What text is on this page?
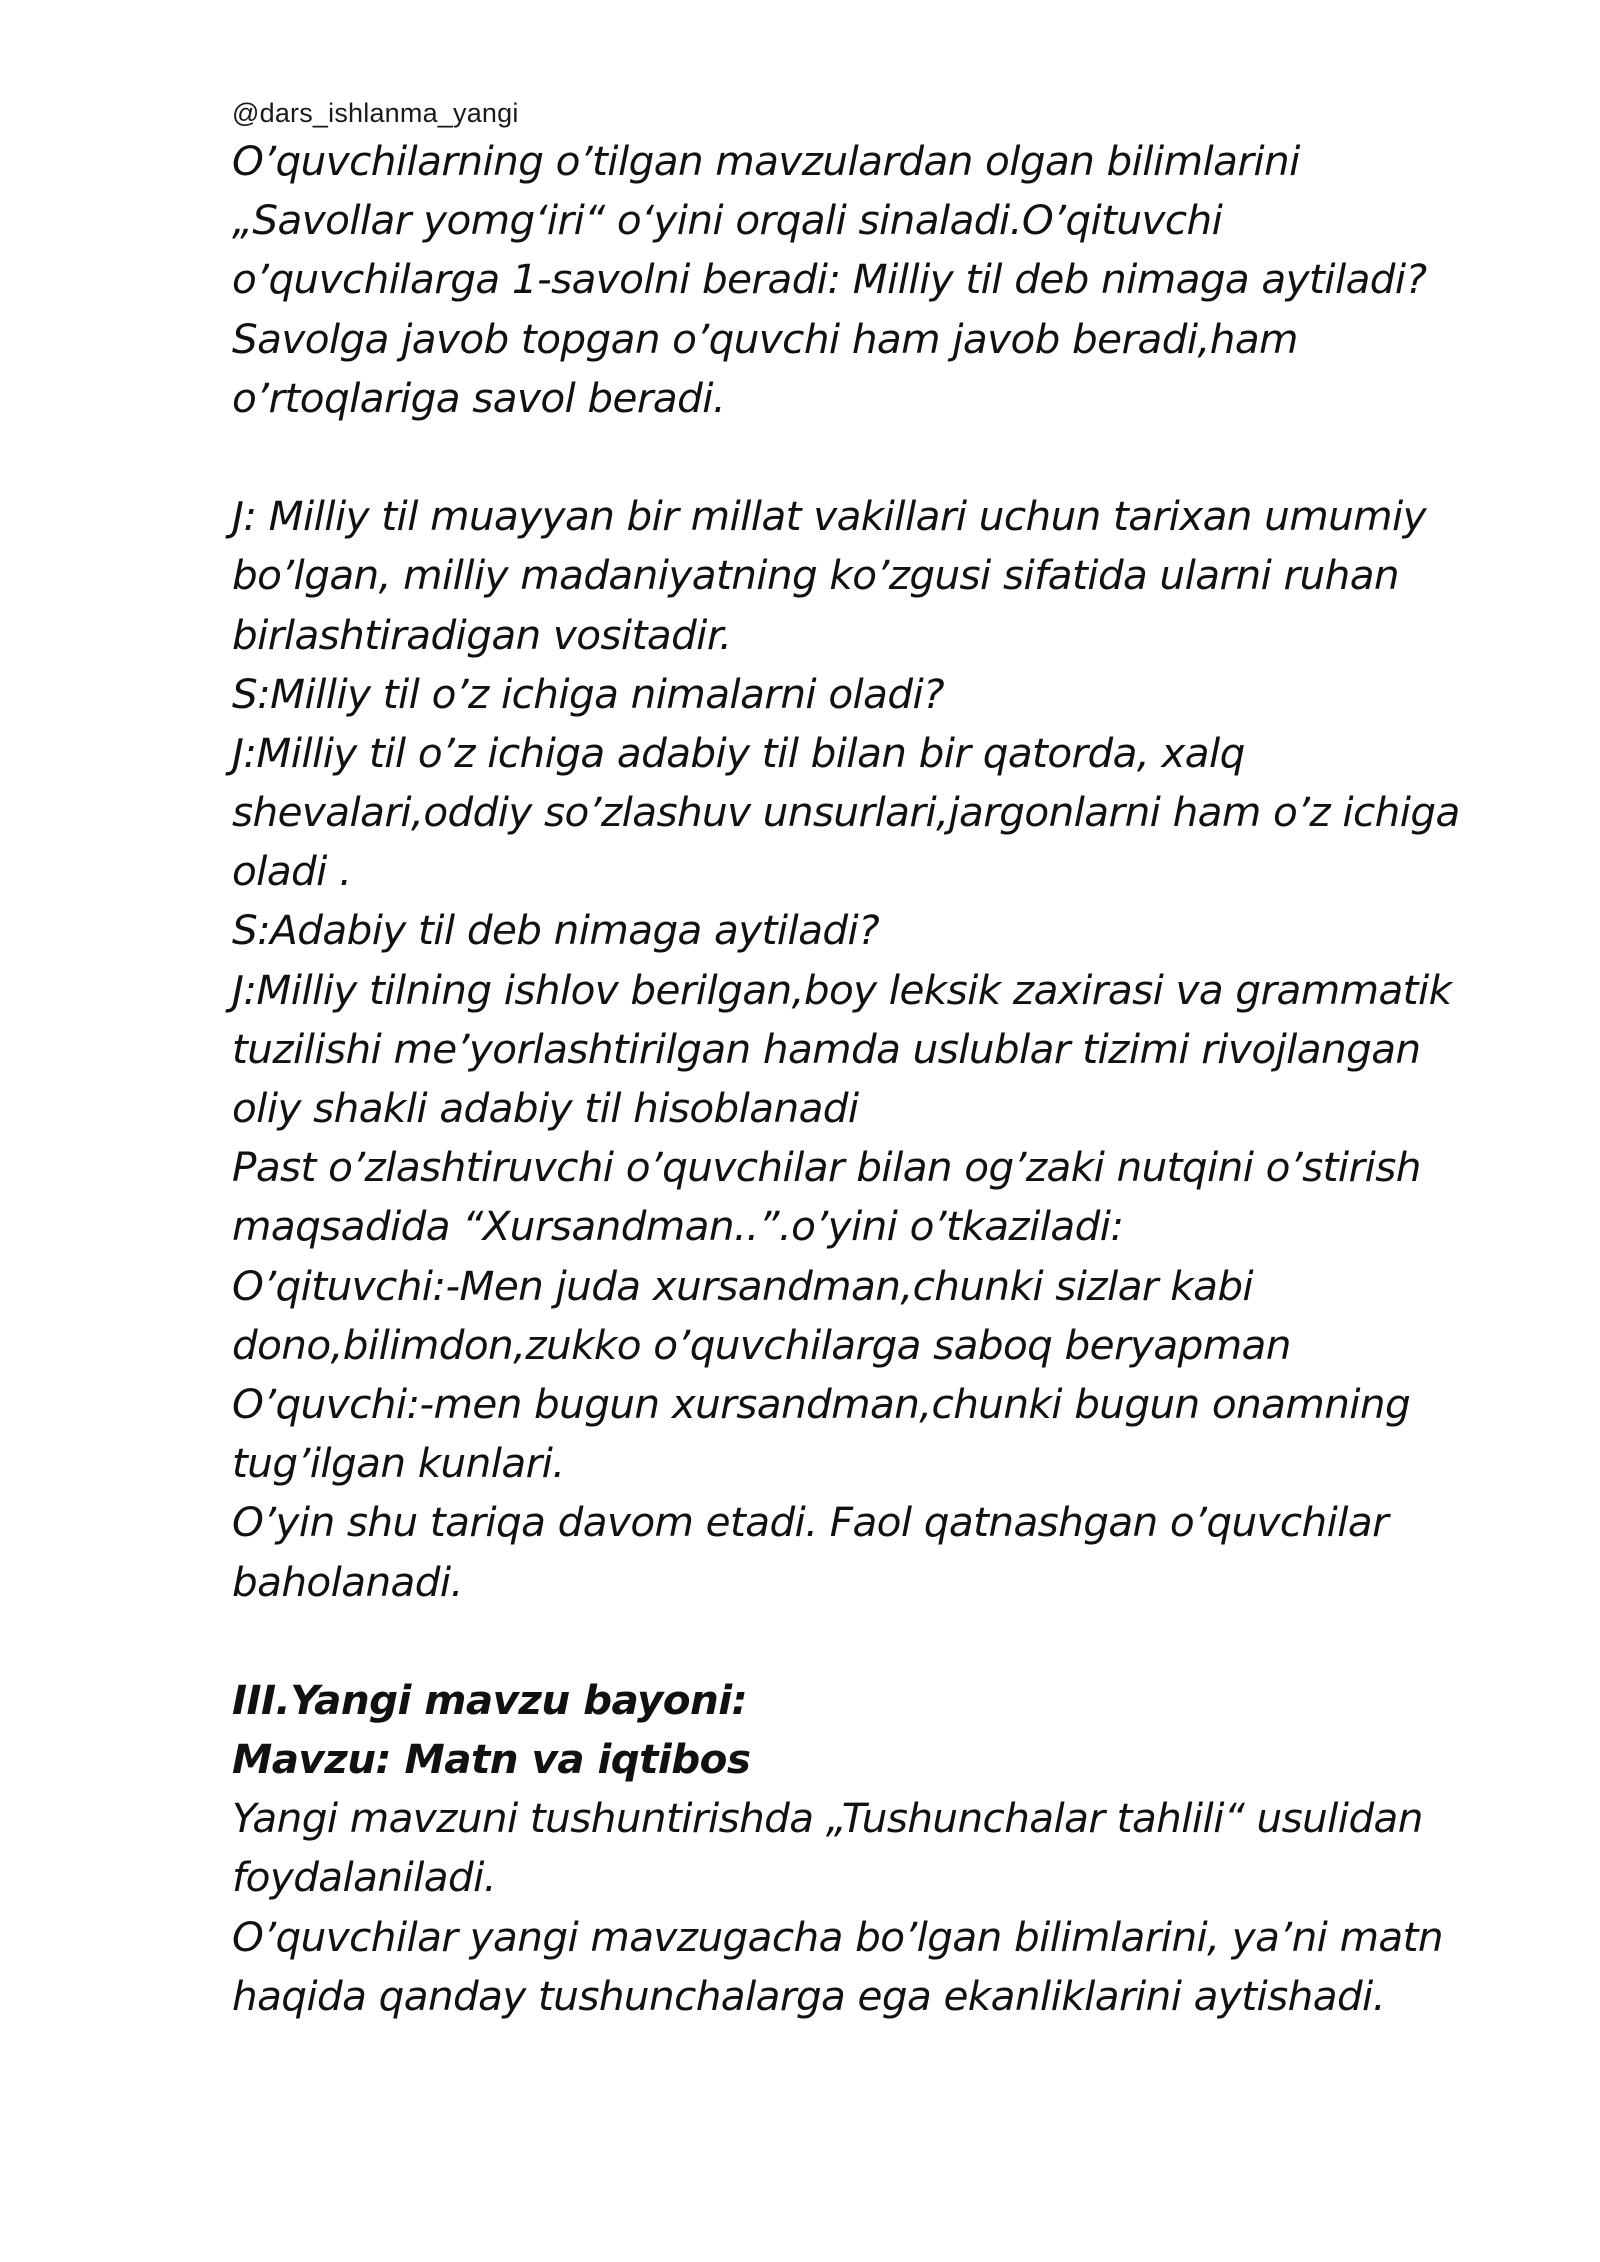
@dars_ishlanma_yangi
O’quvchilarning o’tilgan mavzulardan olgan bilimlarini
„Savollar yomg‘iri“ o‘yini orqali sinaladi.O’qituvchi
o’quvchilarga 1-savolni beradi: Milliy til deb nimaga aytiladi?
Savolga javob topgan o’quvchi ham javob beradi,ham
o’rtoqlariga savol beradi.
J: Milliy til muayyan bir millat vakillari uchun tarixan umumiy
bo’lgan, milliy madaniyatning ko’zgusi sifatida ularni ruhan
birlashtiradigan vositadir.
S:Milliy til o’z ichiga nimalarni oladi?
J:Milliy til o’z ichiga adabiy til bilan bir qatorda, xalq
shevalari,oddiy so’zlashuv unsurlari,jargonlarni ham o’z ichiga
oladi .
S:Adabiy til deb nimaga aytiladi?
J:Milliy tilning ishlov berilgan,boy leksik zaxirasi va grammatik
tuzilishi me’yorlashtirilgan hamda uslublar tizimi rivojlangan
oliy shakli adabiy til hisoblanadi
Past o’zlashtiruvchi o’quvchilar bilan og’zaki nutqini o’stirish
maqsadida “Xursandman..”.o’yini o’tkaziladi:
O’qituvchi:-Men juda xursandman,chunki sizlar kabi
dono,bilimdon,zukko o’quvchilarga saboq beryapman
O’quvchi:-men bugun xursandman,chunki bugun onamning
tug’ilgan kunlari.
O’yin shu tariqa davom etadi. Faol qatnashgan o’quvchilar
baholanadi.
III.Yangi mavzu bayoni:
Mavzu: Matn va iqtibos
Yangi mavzuni tushuntirishda „Tushunchalar tahlili“ usulidan
foydalaniladi.
O’quvchilar yangi mavzugacha bo’lgan bilimlarini, ya’ni matn
haqida qanday tushunchalarga ega ekanliklarini aytishadi.
